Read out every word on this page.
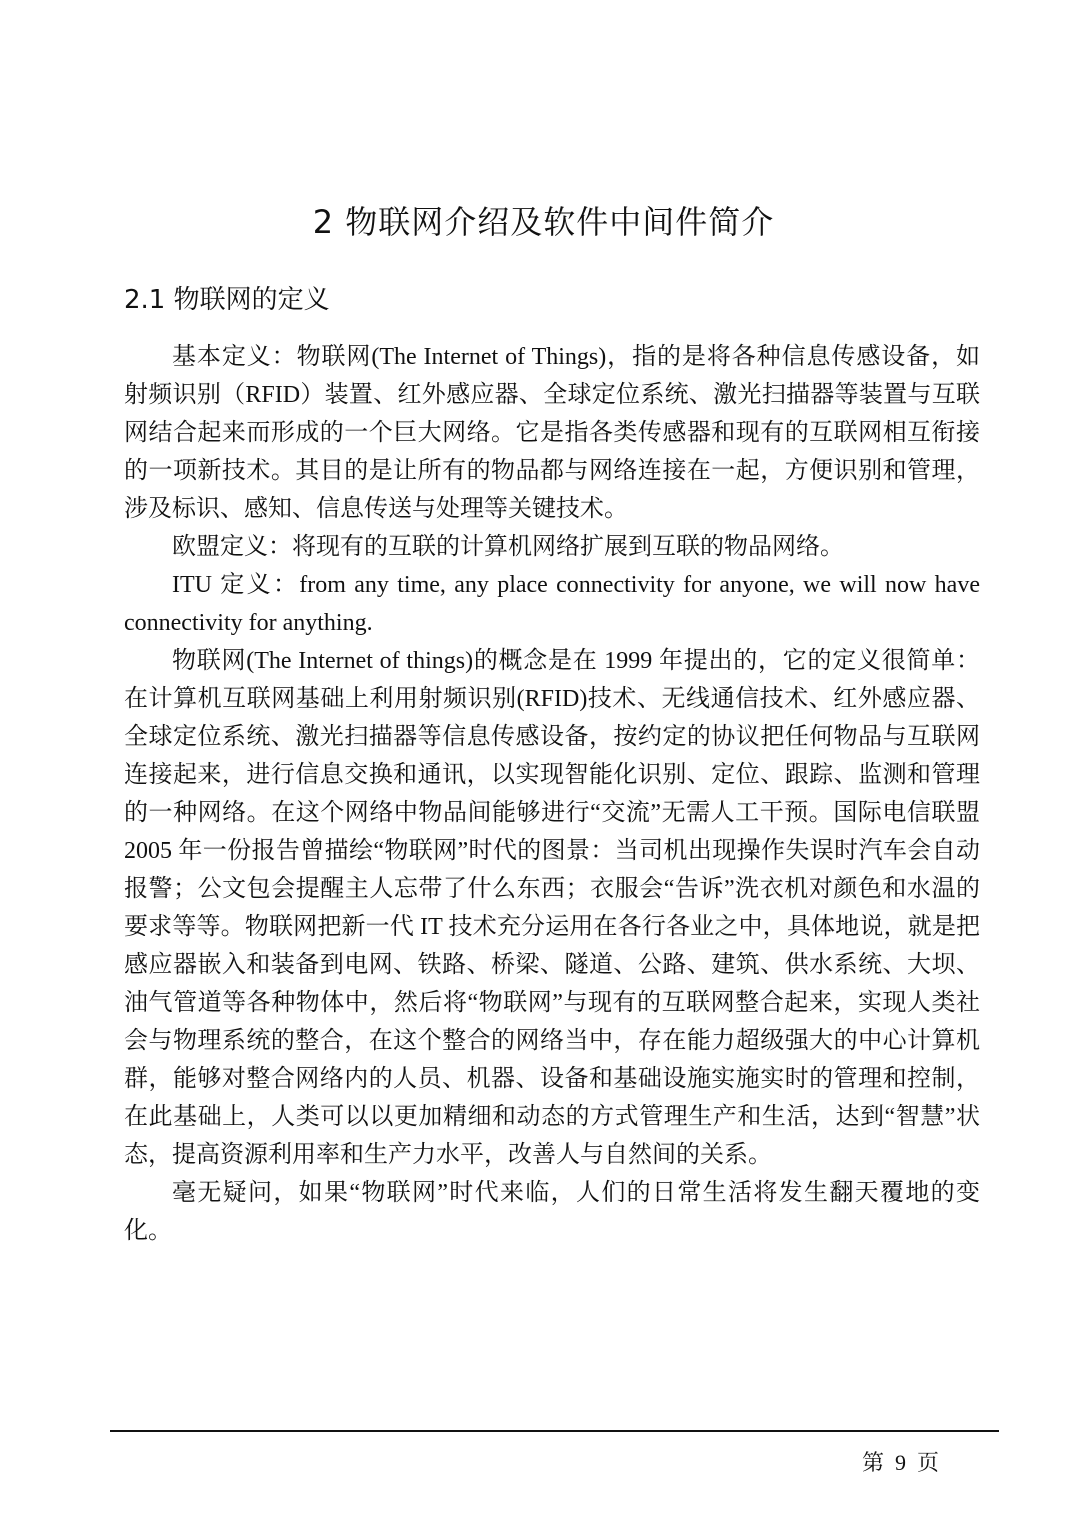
2 物联网介绍及软件中间件简介
2.1 物联网的定义

基本定义：物联网(The Internet of Things)，指的是将各种信息传感设备，如射频识别（RFID）装置、红外感应器、全球定位系统、激光扫描器等装置与互联网结合起来而形成的一个巨大网络。它是指各类传感器和现有的互联网相互衔接的一项新技术。其目的是让所有的物品都与网络连接在一起，方便识别和管理，涉及标识、感知、信息传送与处理等关键技术。

欧盟定义：将现有的互联的计算机网络扩展到互联的物品网络。

ITU 定义：from any time, any place connectivity for anyone, we will now have connectivity for anything.

物联网(The Internet of things)的概念是在 1999 年提出的，它的定义很简单：在计算机互联网基础上利用射频识别(RFID)技术、无线通信技术、红外感应器、全球定位系统、激光扫描器等信息传感设备，按约定的协议把任何物品与互联网连接起来，进行信息交换和通讯，以实现智能化识别、定位、跟踪、监测和管理的一种网络。在这个网络中物品间能够进行“交流”无需人工干预。国际电信联盟 2005 年一份报告曾描绘“物联网”时代的图景：当司机出现操作失误时汽车会自动报警；公文包会提醒主人忘带了什么东西；衣服会“告诉”洗衣机对颜色和水温的要求等等。物联网把新一代 IT 技术充分运用在各行各业之中，具体地说，就是把感应器嵌入和装备到电网、铁路、桥梁、隧道、公路、建筑、供水系统、大坝、油气管道等各种物体中，然后将“物联网”与现有的互联网整合起来，实现人类社会与物理系统的整合，在这个整合的网络当中，存在能力超级强大的中心计算机群，能够对整合网络内的人员、机器、设备和基础设施实施实时的管理和控制，在此基础上，人类可以以更加精细和动态的方式管理生产和生活，达到“智慧”状态，提高资源利用率和生产力水平，改善人与自然间的关系。

毫无疑问，如果“物联网”时代来临，人们的日常生活将发生翻天覆地的变化。

第  9  页
